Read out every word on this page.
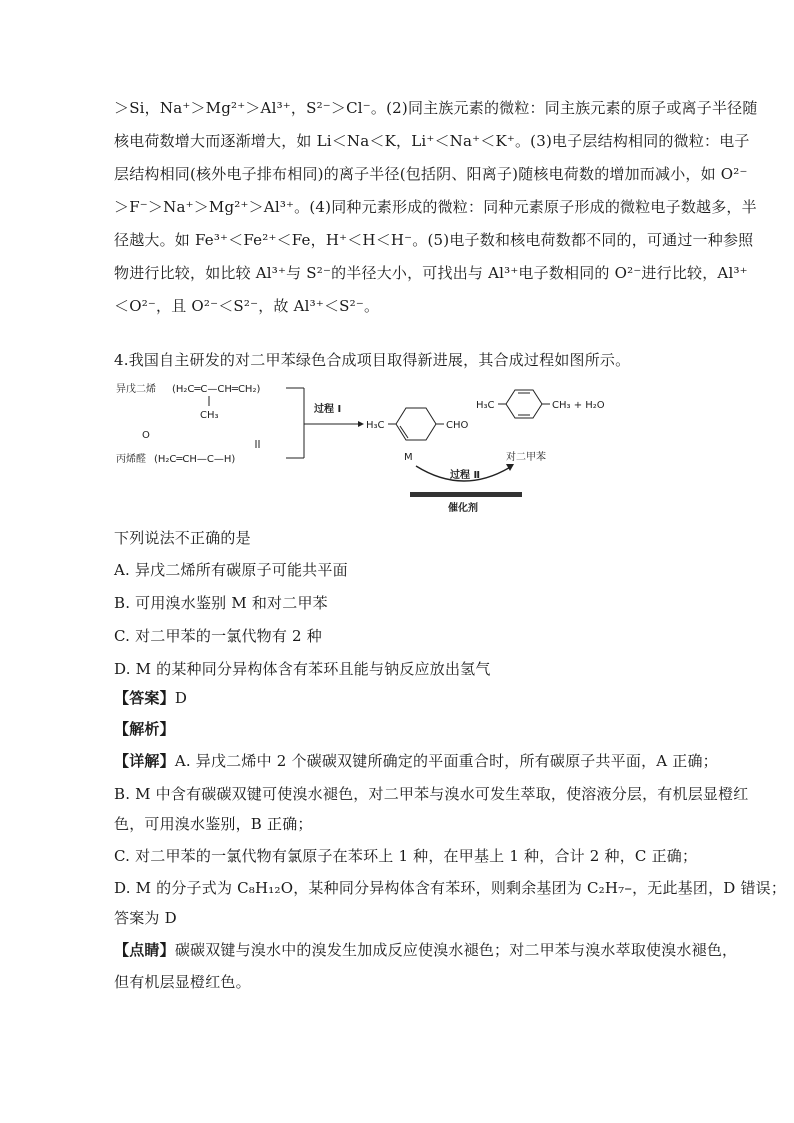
＞Si，Na⁺＞Mg²⁺＞Al³⁺，S²⁻＞Cl⁻。(2)同主族元素的微粒：同主族元素的原子或离子半径随
核电荷数增大而逐渐增大，如 Li＜Na＜K，Li⁺＜Na⁺＜K⁺。(3)电子层结构相同的微粒：电子
层结构相同(核外电子排布相同)的离子半径(包括阴、阳离子)随核电荷数的增加而减小，如 O²⁻
＞F⁻＞Na⁺＞Mg²⁺＞Al³⁺。(4)同种元素形成的微粒：同种元素原子形成的微粒电子数越多，半
径越大。如 Fe³⁺＜Fe²⁺＜Fe，H⁺＜H＜H⁻。(5)电子数和核电荷数都不同的，可通过一种参照
物进行比较，如比较 Al³⁺与 S²⁻的半径大小，可找出与 Al³⁺电子数相同的 O²⁻进行比较，Al³⁺
＜O²⁻，且 O²⁻＜S²⁻，故 Al³⁺＜S²⁻。
4.我国自主研发的对二甲苯绿色合成项目取得新进展，其合成过程如图所示。
异戊二烯 (H₂C═C—CH═CH₂)
CH₃
O
丙烯醛 (H₂C═CH—C—H)
过程 Ⅰ
H₃C	CHO
M
H₃C	CH₃ + H₂O
对二甲苯
过程 Ⅱ
催化剂
下列说法不正确的是
A. 异戊二烯所有碳原子可能共平面
B. 可用溴水鉴别 M 和对二甲苯
C. 对二甲苯的一氯代物有 2 种
D. M 的某种同分异构体含有苯环且能与钠反应放出氢气
【答案】D
【解析】
【详解】A. 异戊二烯中 2 个碳碳双键所确定的平面重合时，所有碳原子共平面，A 正确；
B. M 中含有碳碳双键可使溴水褪色，对二甲苯与溴水可发生萃取，使溶液分层，有机层显橙红
色，可用溴水鉴别，B 正确；
C. 对二甲苯的一氯代物有氯原子在苯环上 1 种，在甲基上 1 种，合计 2 种，C 正确；
D. M 的分子式为 C₈H₁₂O，某种同分异构体含有苯环，则剩余基团为 C₂H₇–，无此基团，D 错误；
答案为 D
【点睛】碳碳双键与溴水中的溴发生加成反应使溴水褪色；对二甲苯与溴水萃取使溴水褪色，
但有机层显橙红色。
